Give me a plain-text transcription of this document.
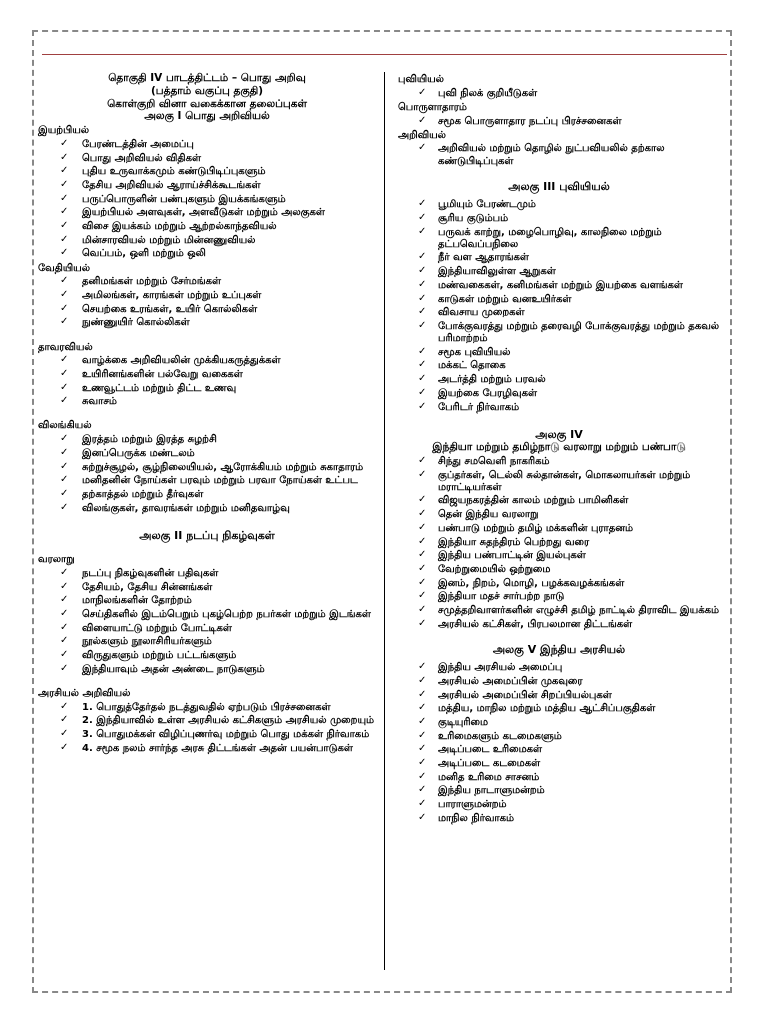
தொகுதி IV பாடத்திட்டம் – பொது அறிவு
(பத்தாம் வகுப்பு தகுதி)
கொள்குறி வினா வகைக்கான தலைப்புகள்
அலகு I பொது அறிவியல்
இயற்பியல்
✓ பேரண்டத்தின் அமைப்பு
✓ பொது அறிவியல் விதிகள்
✓ புதிய உருவாக்கமும் கண்டுபிடிப்புகளும்
✓ தேசிய அறிவியல் ஆராய்ச்சிக்கூடங்கள்
✓ பருப்பொருளின் பண்புகளும் இயக்கங்களும்
✓ இயற்பியல் அளவுகள், அளவீடுகள் மற்றும் அலகுகள்
✓ விசை இயக்கம் மற்றும் ஆற்றல்காந்தவியல்
✓ மின்சாரவியல் மற்றும் மின்னணுவியல்
✓ வெப்பம், ஒளி மற்றும் ஒலி
வேதியியல்
✓ தனிமங்கள் மற்றும் சேர்மங்கள்
✓ அமிலங்கள், காரங்கள் மற்றும் உப்புகள்
✓ செயற்கை உரங்கள், உயிர் கொல்லிகள்
✓ நுண்ணுயிர் கொல்லிகள்
தாவரவியல்
✓ வாழ்க்கை அறிவியலின் முக்கியகருத்துக்கள்
✓ உயிரினங்களின் பல்வேறு வகைகள்
✓ உணவூட்டம் மற்றும் திட்ட உணவு
✓ சுவாசம்
விலங்கியல்
✓ இரத்தம் மற்றும் இரத்த சுழற்சி
✓ இனப்பெருக்க மண்டலம்
✓ சுற்றுச்சூழல், சூழ்நிலையியல், ஆரோக்கியம் மற்றும் சுகாதாரம்
✓ மனிதனின் நோய்கள் பரவும் மற்றும் பரவா நோய்கள் உட்பட
✓ தற்காத்தல் மற்றும் தீர்வுகள்
✓ விலங்குகள், தாவரங்கள் மற்றும் மனிதவாழ்வு
அலகு II நடப்பு நிகழ்வுகள்
வரலாறு
✓ நடப்பு நிகழ்வுகளின் பதிவுகள்
✓ தேசியம், தேசிய சின்னங்கள்
✓ மாநிலங்களின் தோற்றம்
✓ செய்திகளில் இடம்பெறும் புகழ்பெற்ற நபர்கள் மற்றும் இடங்கள்
✓ விளையாட்டு மற்றும் போட்டிகள்
✓ நூல்களும் நூலாசிரியர்களும்
✓ விருதுகளும் மற்றும் பட்டங்களும்
✓ இந்தியாவும் அதன் அண்டை நாடுகளும்
அரசியல் அறிவியல்
✓ 1. பொதுத்தேர்தல் நடத்துவதில் ஏற்படும் பிரச்சனைகள்
✓ 2. இந்தியாவில் உள்ள அரசியல் கட்சிகளும் அரசியல் முறையும்
✓ 3. பொதுமக்கள் விழிப்புணர்வு மற்றும் பொது மக்கள் நிர்வாகம்
✓ 4. சமூக நலம் சார்ந்த அரசு திட்டங்கள் அதன் பயன்பாடுகள்
புவியியல்
✓ புவி நிலக் குறியீடுகள்
பொருளாதாரம்
✓ சமூக பொருளாதார நடப்பு பிரச்சனைகள்
அறிவியல்
✓ அறிவியல் மற்றும் தொழில் நுட்பவியலில் தற்கால கண்டுபிடிப்புகள்
அலகு III புவியியல்
✓ பூமியும் பேரண்டமும்
✓ சூரிய குடும்பம்
✓ பருவக் காற்று, மழைபொழிவு, காலநிலை மற்றும் தட்பவெப்பநிலை
✓ நீர் வள ஆதாரங்கள்
✓ இந்தியாவிலுள்ள ஆறுகள்
✓ மண்வகைகள், கனிமங்கள் மற்றும் இயற்கை வளங்கள்
✓ காடுகள் மற்றும் வனஉயிர்கள்
✓ விவசாய முறைகள்
✓ போக்குவரத்து மற்றும் தரைவழி போக்குவரத்து மற்றும் தகவல் பரிமாற்றம்
✓ சமூக புவியியல்
✓ மக்கட் தொகை
✓ அடர்த்தி மற்றும் பரவல்
✓ இயற்கை பேரழிவுகள்
✓ பேரிடர் நிர்வாகம்
அலகு IV
இந்தியா மற்றும் தமிழ்நாடு வரலாறு மற்றும் பண்பாடு
✓ சிந்து சமவெளி நாகரிகம்
✓ குப்தர்கள், டெல்லி சுல்தான்கள், மொகலாயர்கள் மற்றும் மராட்டியர்கள்
✓ விஜயநகரத்தின் காலம் மற்றும் பாமினிகள்
✓ தென் இந்திய வரலாறு
✓ பண்பாடு மற்றும் தமிழ் மக்களின் புராதனம்
✓ இந்தியா சுதந்திரம் பெற்றது வரை
✓ இந்திய பண்பாட்டின் இயல்புகள்
✓ வேற்றுமையில் ஒற்றுமை
✓ இனம், நிறம், மொழி, பழக்கவழக்கங்கள்
✓ இந்தியா மதச் சார்பற்ற நாடு
✓ சமுத்தறிவாளர்களின் எழுச்சி தமிழ் நாட்டில் திராவிட இயக்கம்
✓ அரசியல் கட்சிகள், பிரபலமான திட்டங்கள்
அலகு V இந்திய அரசியல்
✓ இந்திய அரசியல் அமைப்பு
✓ அரசியல் அமைப்பின் முகவுரை
✓ அரசியல் அமைப்பின் சிறப்பியல்புகள்
✓ மத்திய, மாநில மற்றும் மத்திய ஆட்சிப்பகுதிகள்
✓ குடியுரிமை
✓ உரிமைகளும் கடமைகளும்
✓ அடிப்படை உரிமைகள்
✓ அடிப்படை கடமைகள்
✓ மனித உரிமை சாசனம்
✓ இந்திய நாடாளுமன்றம்
✓ பாராளுமன்றம்
✓ மாநில நிர்வாகம்
